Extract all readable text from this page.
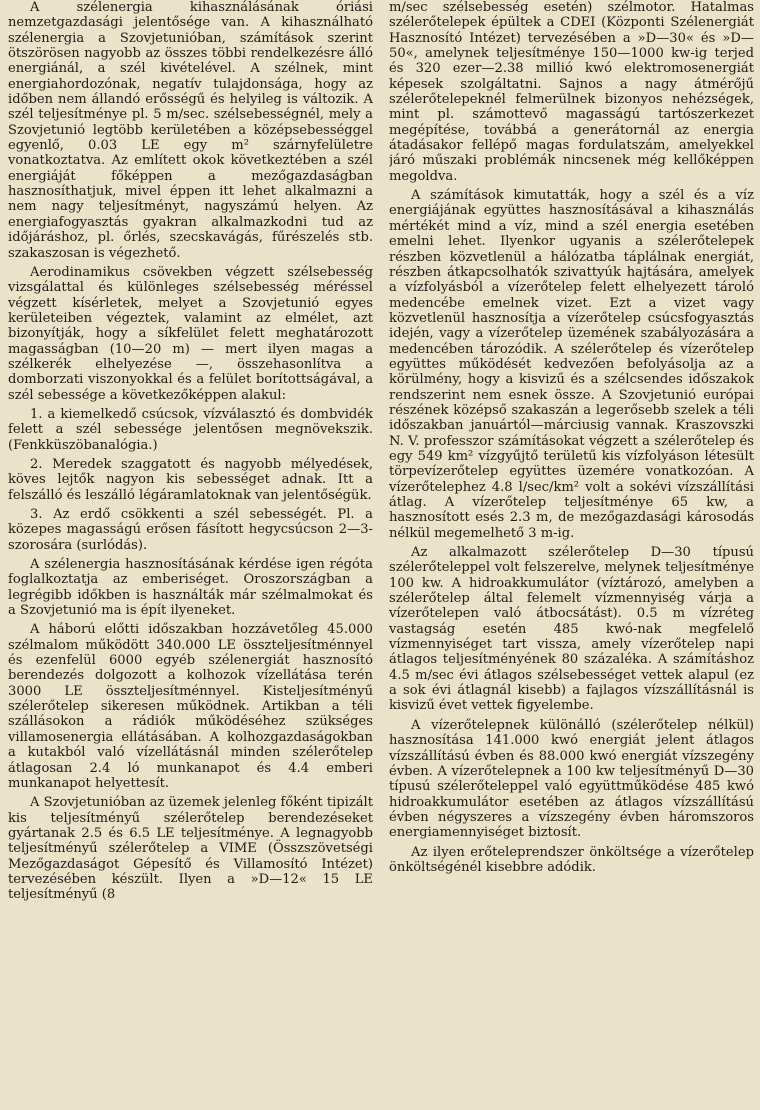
A szélenergia kihasználásának óriási nemzetgazdasági jelentősége van. A kihasználható szélenergia a Szovjetunióban, számítások szerint ötszörösen nagyobb az összes többi rendelkezésre álló energiánál, a szél kivételével. A szélnek, mint energiahordozónak, negatív tulajdonsága, hogy az időben nem állandó erősségű és helyileg is változik. A szél teljesítménye pl. 5 m/sec. szélsebességnél, mely a Szovjetunió legtöbb kerületében a középsebességgel egyenlő, 0.03 LE egy m² szárnyfelületre vonatkoztatva. Az említett okok következtében a szél energiáját főképpen a mezőgazdaságban hasznosíthatjuk, mivel éppen itt lehet alkalmazni a nem nagy teljesítményt, nagyszámú helyen. Az energiafogyasztás gyakran alkalmazkodni tud az időjáráshoz, pl. őrlés, szecskavágás, fűrészelés stb. szakaszosan is végezhető.

Aerodinamikus csövekben végzett szélsebesség vizsgálattal és különleges szélsebesség méréssel végzett kísérletek, melyet a Szovjetunió egyes kerületeiben végeztek, valamint az elmélet, azt bizonyítják, hogy a síkfelület felett meghatározott magasságban (10—20 m) — mert ilyen magas a szélkerék elhelyezése —, összehasonlítva a domborzati viszonyokkal és a felület borítottságával, a szél sebessége a következőképpen alakul:

1. a kiemelkedő csúcsok, vízválasztó és dombvidék felett a szél sebessége jelentősen megnövekszik. (Fenkküszöbanalógia.)

2. Meredek szaggatott és nagyobb mélyedések, köves lejtők nagyon kis sebességet adnak. Itt a felszálló és leszálló légáramlatoknak van jelentőségük.

3. Az erdő csökkenti a szél sebességét. Pl. a közepes magasságú erősen fásított hegycsúcson 2—3-szorosára (surlódás).

A szélenergia hasznosításának kérdése igen régóta foglalkoztatja az emberiséget. Oroszországban a legrégibb időkben is használták már szélmalmokat és a Szovjetunió ma is épít ilyeneket.

A háború előtti időszakban hozzávetőleg 45.000 szélmalom működött 340.000 LE összteljesítménnyel és ezenfelül 6000 egyéb szélenergiát hasznosító berendezés dolgozott a kolhozok vízellátása terén 3000 LE összteljesítménnyel. Kisteljesítményű szélerőtelep sikeresen működnek. Artikban a téli szállásokon a rádiók működéséhez szükséges villamosenergia ellátásában. A kolhozgazdaságokban a kutakból való vízellátásnál minden szélerőtelep átlagosan 2.4 ló munkanapot és 4.4 emberi munkanapot helyettesít.

A Szovjetunióban az üzemek jelenleg főként tipizált kis teljesítményű szélerőtelep berendezéseket gyártanak 2.5 és 6.5 LE teljesítménye. A legnagyobb teljesítményű szélerőtelep a VIME (Összszövetségi Mezőgazdaságot Gépesítő és Villamosító Intézet) tervezésében készült. Ilyen a »D—12« 15 LE teljesítményű (8

m/sec szélsebesség esetén) szélmotor. Hatalmas szélerőtelepek épültek a CDEI (Központi Szélenergiát Hasznosító Intézet) tervezésében a »D—30« és »D—50«, amelynek teljesítménye 150—1000 kw-ig terjed és 320 ezer—2.38 millió kwó elektromosenergiát képesek szolgáltatni. Sajnos a nagy átmérőjű szélerőtelepeknél felmerülnek bizonyos nehézségek, mint pl. számottevő magasságú tartószerkezet megépítése, továbbá a generátornál az energia átadásakor fellépő magas fordulatszám, amelyekkel járó műszaki problémák nincsenek még kellőképpen megoldva.

A számítások kimutatták, hogy a szél és a víz energiájának együttes hasznosításával a kihasználás mértékét mind a víz, mind a szél energia esetében emelni lehet. Ilyenkor ugyanis a szélerőtelepek részben közvetlenül a hálózatba táplálnak energiát, részben átkapcsolhatók szivattyúk hajtására, amelyek a vízfolyásból a vízerőtelep felett elhelyezett tároló medencébe emelnek vizet. Ezt a vizet vagy közvetlenül hasznosítja a vízerőtelep csúcsfogyasztás idején, vagy a vízerőtelep üzemének szabályozására a medencében tározódik. A szélerőtelep és vízerőtelep együttes működését kedvezően befolyásolja az a körülmény, hogy a kisvizű és a szélcsendes időszakok rendszerint nem esnek össze. A Szovjetunió európai részének középső szakaszán a legerősebb szelek a téli időszakban januártól—márciusig vannak. Kraszovszki N. V. professzor számításokat végzett a szélerőtelep és egy 549 km² vízgyűjtő területű kis vízfolyáson létesült törpevízerőtelep együttes üzemére vonatkozóan. A vízerőtelephez 4.8 l/sec/km² volt a sokévi vízszállítási átlag. A vízerőtelep teljesítménye 65 kw, a hasznosított esés 2.3 m, de mezőgazdasági károsodás nélkül megemelhető 3 m-ig.

Az alkalmazott szélerőtelep D—30 típusú szélerőteleppel volt felszerelve, melynek teljesítménye 100 kw. A hidroakkumulátor (víztározó, amelyben a szélerőtelep által felemelt vízmennyiség várja a vízerőtelepen való átbocsátást). 0.5 m vízréteg vastagság esetén 485 kwó-nak megfelelő vízmennyiséget tart vissza, amely vízerőtelep napi átlagos teljesítményének 80 százaléka. A számításhoz 4.5 m/sec évi átlagos szélsebességet vettek alapul (ez a sok évi átlagnál kisebb) a fajlagos vízszállításnál is kisvizű évet vettek figyelembe.

A vízerőtelepnek különálló (szélerőtelep nélkül) hasznosítása 141.000 kwó energiát jelent átlagos vízszállítású évben és 88.000 kwó energiát vízszegény évben. A vízerőtelepnek a 100 kw teljesítményű D—30 típusú szélerőteleppel való együttműködése 485 kwó hidroakkumulátor esetében az átlagos vízszállítású évben négyszeres a vízszegény évben háromszoros energiamennyiséget biztosít.

Az ilyen erőteleprendszer önköltsége a vízerőtelep önköltségénél kisebbre adódik.
